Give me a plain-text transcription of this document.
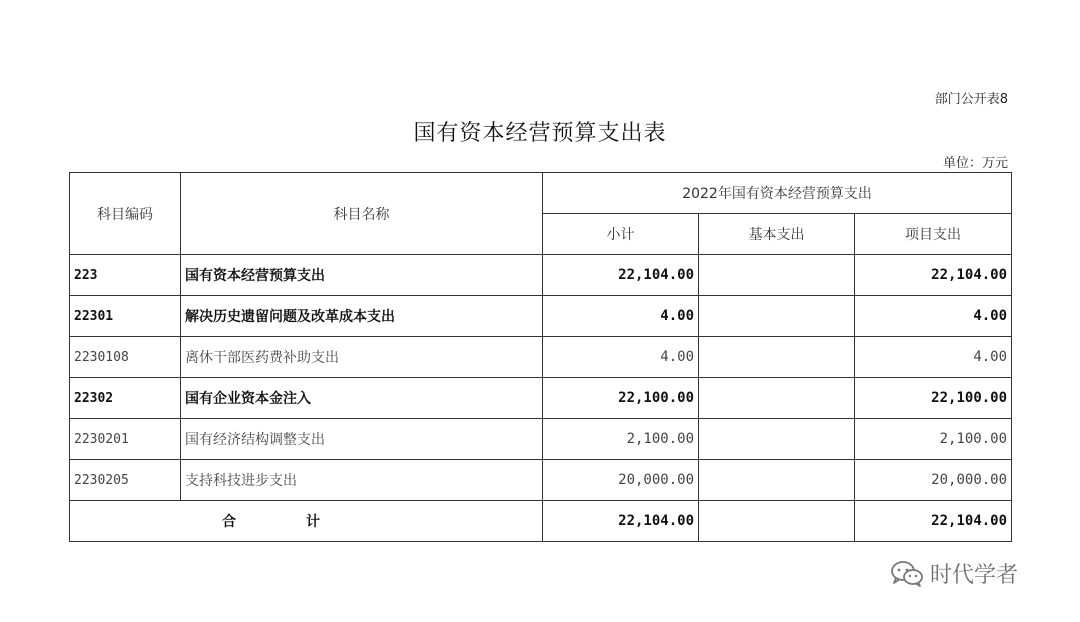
部门公开表8
国有资本经营预算支出表
单位：万元
科目编码	科目名称	2022年国有资本经营预算支出		
		小计	基本支出	项目支出
223	国有资本经营预算支出	22,104.00		22,104.00
22301	解决历史遗留问题及改革成本支出	4.00		4.00
2230108	离休干部医药费补助支出	4.00		4.00
22302	国有企业资本金注入	22,100.00		22,100.00
2230201	国有经济结构调整支出	2,100.00		2,100.00
2230205	支持科技进步支出	20,000.00		20,000.00
合计		22,104.00		22,104.00
时代学者
